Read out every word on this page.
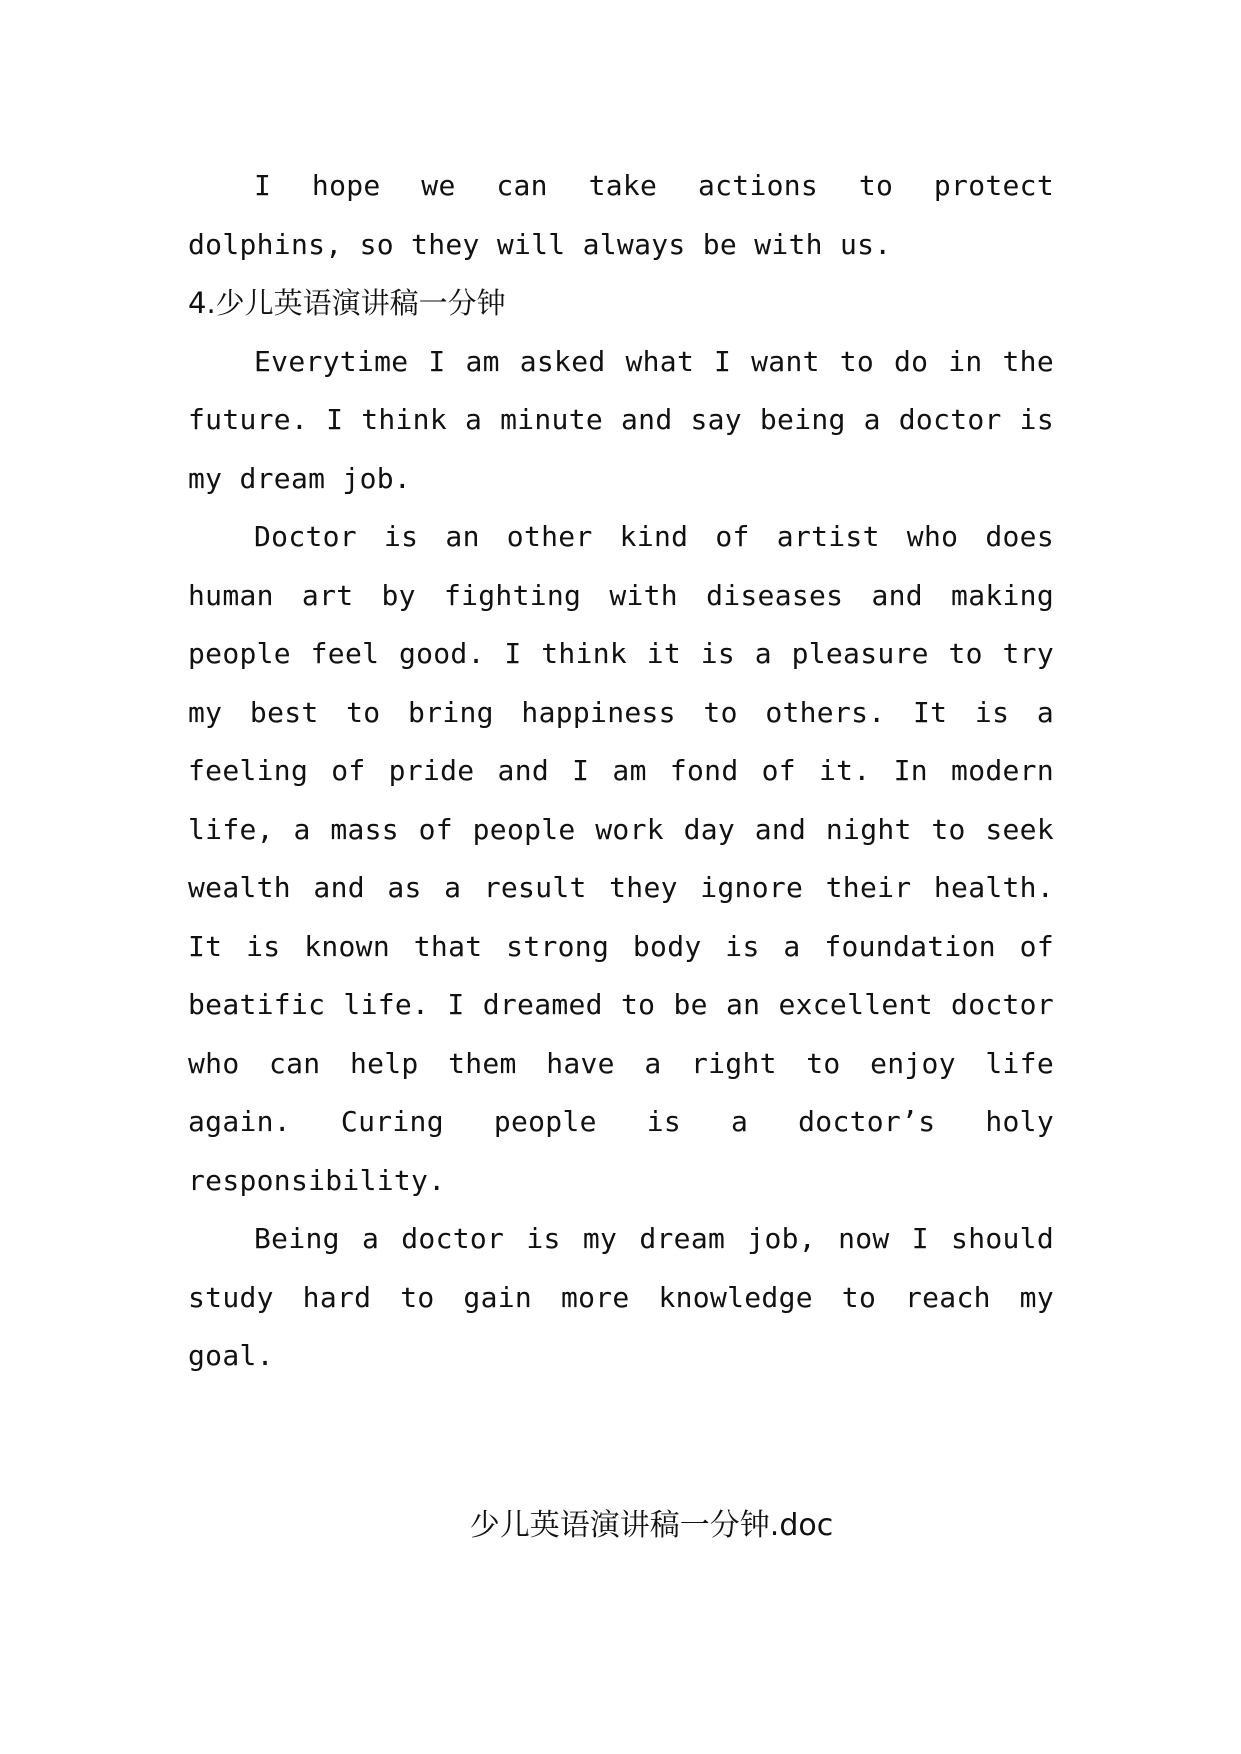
I hope we can take actions to protect dolphins, so they will always be with us.

4.少儿英语演讲稿一分钟

Everytime I am asked what I want to do in the future. I think a minute and say being a doctor is my dream job.

Doctor is an other kind of artist who does human art by fighting with diseases and making people feel good. I think it is a pleasure to try my best to bring happiness to others. It is a feeling of pride and I am fond of it. In modern life, a mass of people work day and night to seek wealth and as a result they ignore their health. It is known that strong body is a foundation of beatific life. I dreamed to be an excellent doctor who can help them have a right to enjoy life again. Curing people is a doctor’s holy responsibility.

Being a doctor is my dream job, now I should study hard to gain more knowledge to reach my goal.

少儿英语演讲稿一分钟.doc
